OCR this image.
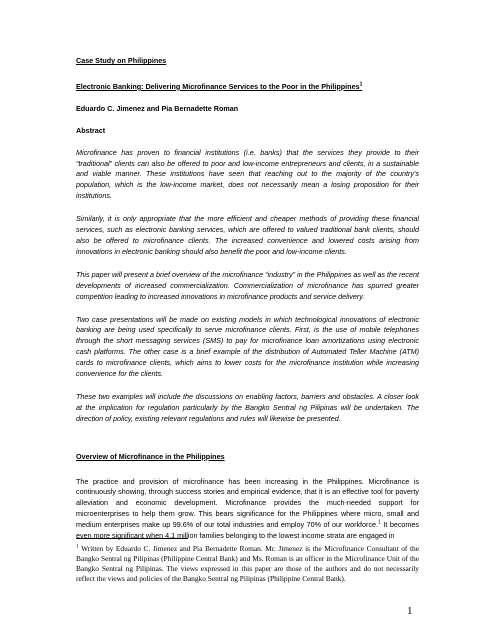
Case Study on Philippines

Electronic Banking: Delivering Microfinance Services to the Poor in the Philippines$^1$

Eduardo C. Jimenez and Pia Bernadette Roman

Abstract

Microfinance has proven to financial institutions (i.e. banks) that the services they provide to their “traditional” clients can also be offered to poor and low-income entrepreneurs and clients, in a sustainable and viable manner. These institutions have seen that reaching out to the majority of the country’s population, which is the low-income market, does not necessarily mean a losing proposition for their institutions.

Similarly, it is only appropriate that the more efficient and cheaper methods of providing these financial services, such as electronic banking services, which are offered to valued traditional bank clients, should also be offered to microfinance clients. The increased convenience and lowered costs arising from innovations in electronic banking should also benefit the poor and low-income clients.

This paper will present a brief overview of the microfinance “industry” in the Philippines as well as the recent developments of increased commercialization. Commercialization of microfinance has spurred greater competition leading to increased innovations in microfinance products and service delivery.

Two case presentations will be made on existing models in which technological innovations of electronic banking are being used specifically to serve microfinance clients. First, is the use of mobile telephones through the short messaging services (SMS) to pay for microfinance loan amortizations using electronic cash platforms. The other case is a brief example of the distribution of Automated Teller Machine (ATM) cards to microfinance clients, which aims to lower costs for the microfinance institution while increasing convenience for the clients.

These two examples will include the discussions on enabling factors, barriers and obstacles. A closer look at the implication for regulation particularly by the Bangko Sentral ng Pilipinas will be undertaken. The direction of policy, existing relevant regulations and rules will likewise be presented.

Overview of Microfinance in the Philippines

The practice and provision of microfinance has been increasing in the Philippines. Microfinance is continuously showing, through success stories and empirical evidence, that it is an effective tool for poverty alleviation and economic development. Microfinance provides the much-needed support for microenterprises to help them grow. This bears significance for the Philippines where micro, small and medium enterprises make up 99.6% of our total industries and employ 70% of our workforce.$^1$ It becomes even more significant when 4.1 million families belonging to the lowest income strata are engaged in

$^1$ Written by Eduardo C. Jimenez and Pia Bernadette Roman. Mr. Jimenez is the Microfinance Consultant of the Bangko Sentral ng Pilipinas (Philippine Central Bank) and Ms. Roman is an officer in the Microfinance Unit of the Bangko Sentral ng Pilipinas. The views expressed in this paper are those of the authors and do not necessarily reflect the views and policies of the Bangko Sentral ng Pilipinas (Philippine Central Bank).

1
